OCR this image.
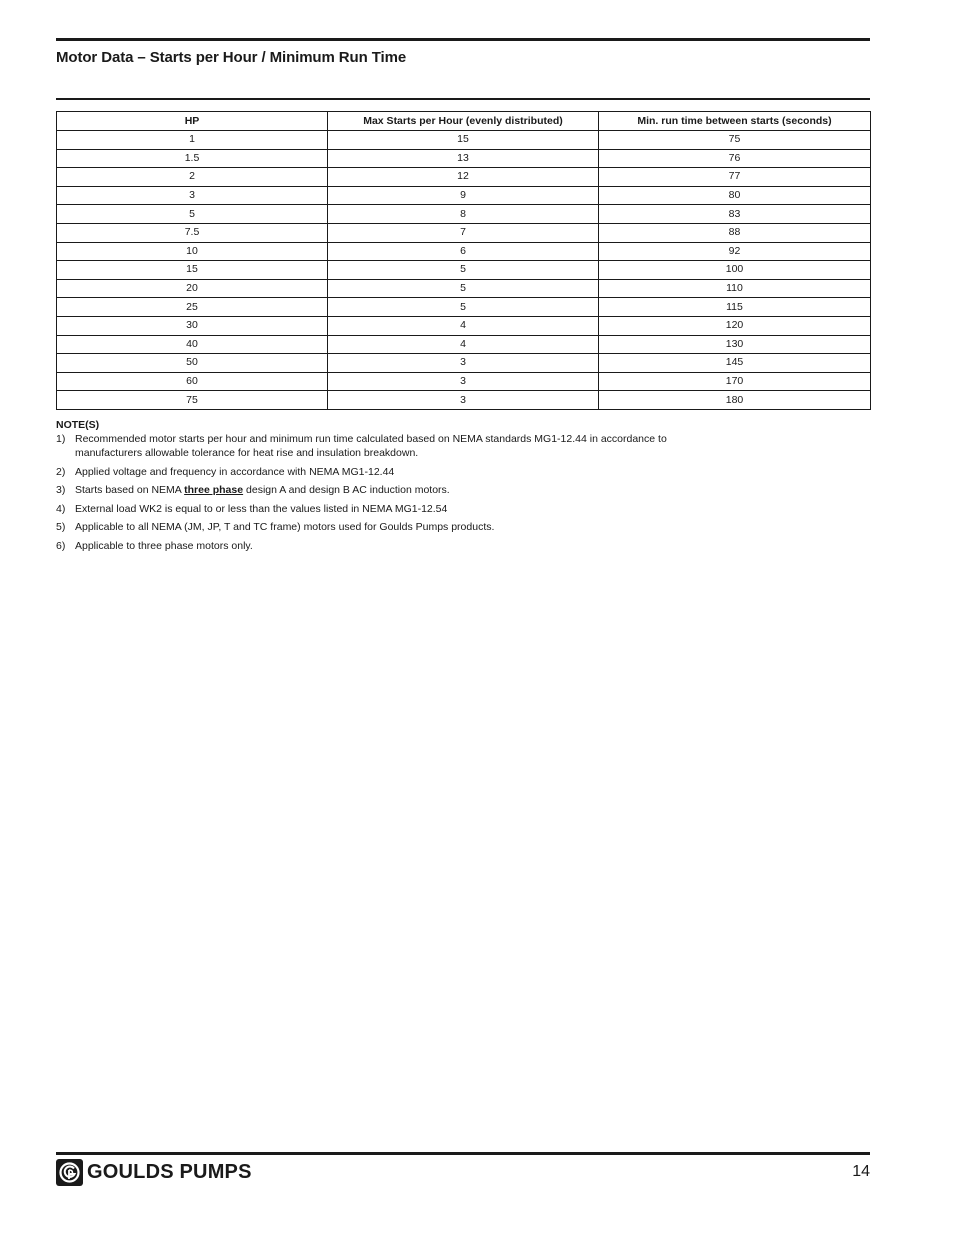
Motor Data – Starts per Hour / Minimum Run Time
HP	Max Starts per Hour (evenly distributed)	Min. run time between starts (seconds)
1	15	75
1.5	13	76
2	12	77
3	9	80
5	8	83
7.5	7	88
10	6	92
15	5	100
20	5	110
25	5	115
30	4	120
40	4	130
50	3	145
60	3	170
75	3	180
NOTE(S)
1) Recommended motor starts per hour and minimum run time calculated based on NEMA standards MG1-12.44 in accordance to
manufacturers allowable tolerance for heat rise and insulation breakdown.
2) Applied voltage and frequency in accordance with NEMA MG1-12.44
3) Starts based on NEMA three phase design A and design B AC induction motors.
4) External load WK2 is equal to or less than the values listed in NEMA MG1-12.54
5) Applicable to all NEMA (JM, JP, T and TC frame) motors used for Goulds Pumps products.
6) Applicable to three phase motors only.
GOULDS PUMPS	14
